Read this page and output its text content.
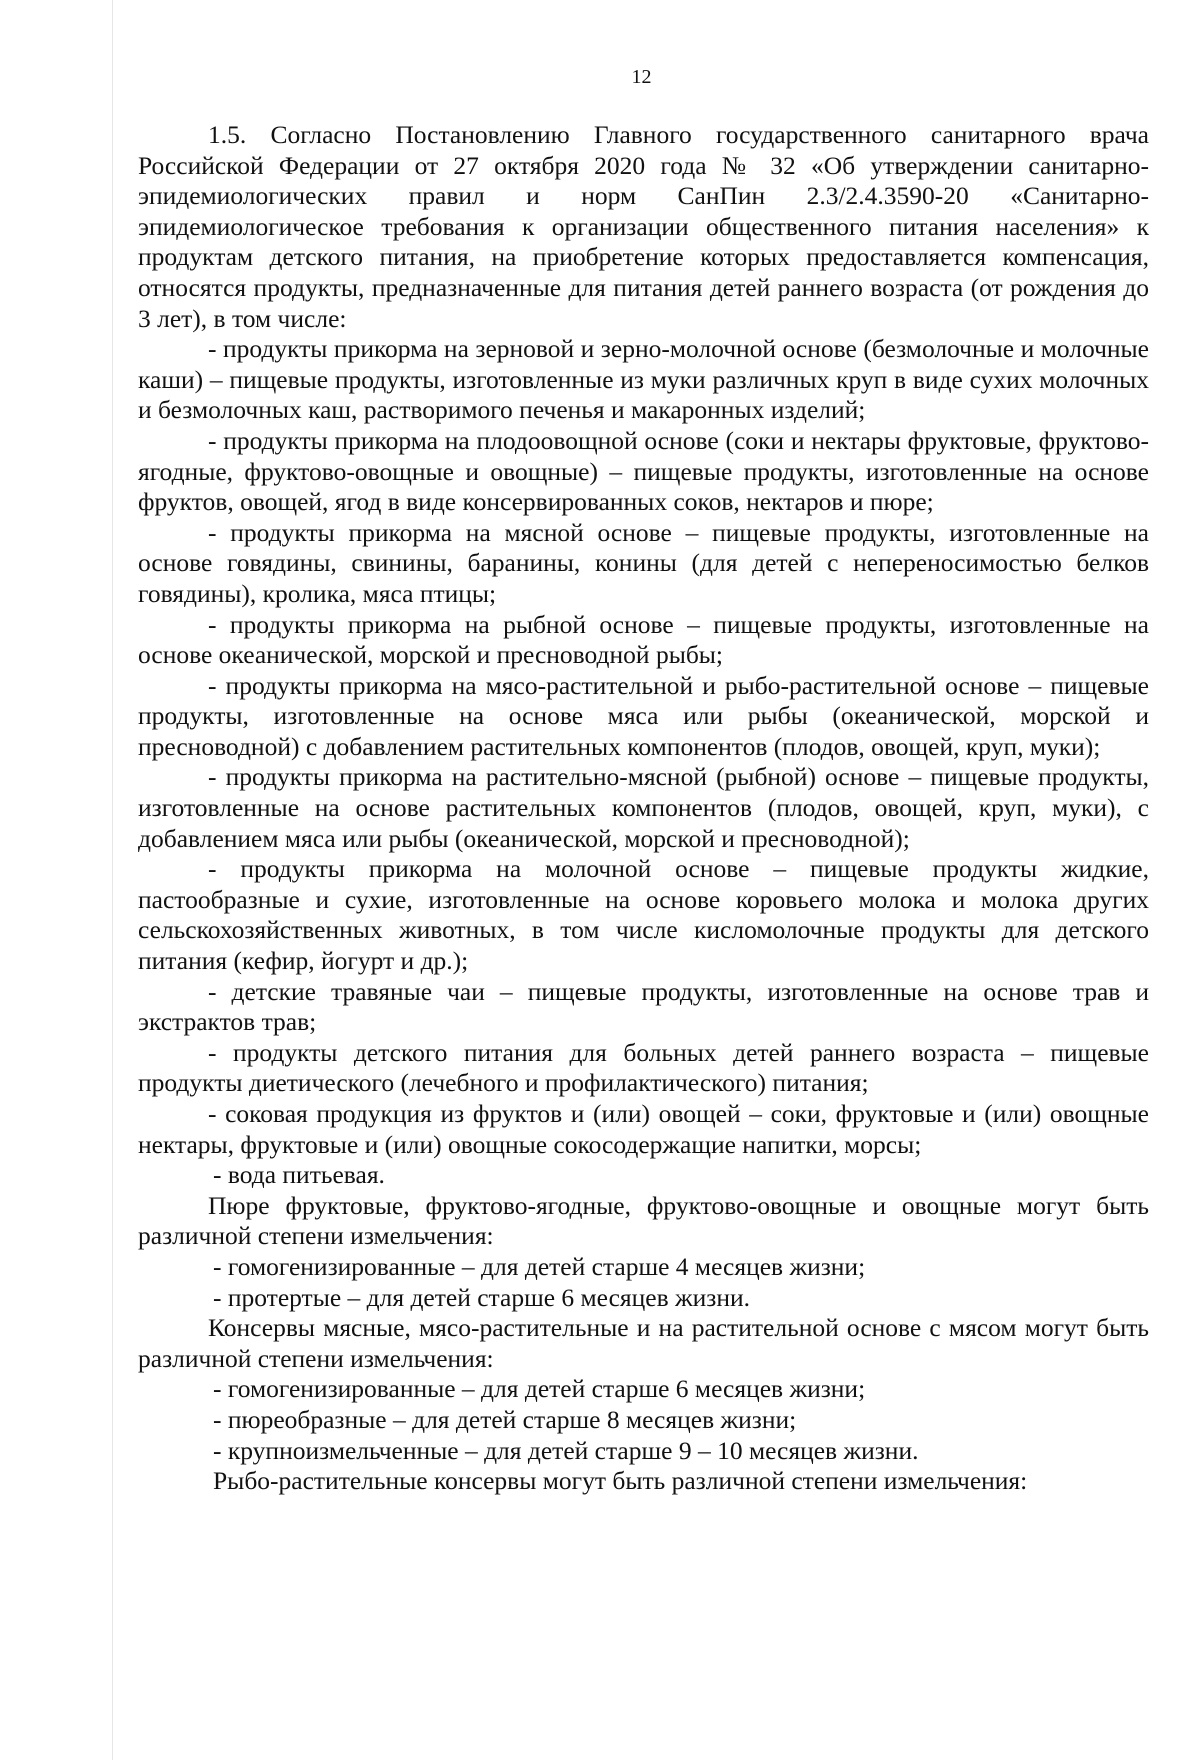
12

1.5. Согласно Постановлению Главного государственного санитарного врача Российской Федерации от 27 октября 2020 года № 32 «Об утверждении санитарно-эпидемиологических правил и норм СанПин 2.3/2.4.3590-20 «Санитарно-эпидемиологическое требования к организации общественного питания населения» к продуктам детского питания, на приобретение которых предоставляется компенсация, относятся продукты, предназначенные для питания детей раннего возраста (от рождения до 3 лет), в том числе:

- продукты прикорма на зерновой и зерно-молочной основе (безмолочные и молочные каши) – пищевые продукты, изготовленные из муки различных круп в виде сухих молочных и безмолочных каш, растворимого печенья и макаронных изделий;

- продукты прикорма на плодоовощной основе (соки и нектары фруктовые, фруктово-ягодные, фруктово-овощные и овощные) – пищевые продукты, изготовленные на основе фруктов, овощей, ягод в виде консервированных соков, нектаров и пюре;

- продукты прикорма на мясной основе – пищевые продукты, изготовленные на основе говядины, свинины, баранины, конины (для детей с непереносимостью белков говядины), кролика, мяса птицы;

- продукты прикорма на рыбной основе – пищевые продукты, изготовленные на основе океанической, морской и пресноводной рыбы;

- продукты прикорма на мясо-растительной и рыбо-растительной основе – пищевые продукты, изготовленные на основе мяса или рыбы (океанической, морской и пресноводной) с добавлением растительных компонентов (плодов, овощей, круп, муки);

- продукты прикорма на растительно-мясной (рыбной) основе – пищевые продукты, изготовленные на основе растительных компонентов (плодов, овощей, круп, муки), с добавлением мяса или рыбы (океанической, морской и пресноводной);

- продукты прикорма на молочной основе – пищевые продукты жидкие, пастообразные и сухие, изготовленные на основе коровьего молока и молока других сельскохозяйственных животных, в том числе кисломолочные продукты для детского питания (кефир, йогурт и др.);

- детские травяные чаи – пищевые продукты, изготовленные на основе трав и экстрактов трав;

- продукты детского питания для больных детей раннего возраста – пищевые продукты диетического (лечебного и профилактического) питания;

- соковая продукция из фруктов и (или) овощей – соки, фруктовые и (или) овощные нектары, фруктовые и (или) овощные сокосодержащие напитки, морсы;

- вода питьевая.

Пюре фруктовые, фруктово-ягодные, фруктово-овощные и овощные могут быть различной степени измельчения:

- гомогенизированные – для детей старше 4 месяцев жизни;

- протертые – для детей старше 6 месяцев жизни.

Консервы мясные, мясо-растительные и на растительной основе с мясом могут быть различной степени измельчения:

- гомогенизированные – для детей старше 6 месяцев жизни;

- пюреобразные – для детей старше 8 месяцев жизни;

- крупноизмельченные – для детей старше 9 – 10 месяцев жизни.

Рыбо-растительные консервы могут быть различной степени измельчения:
